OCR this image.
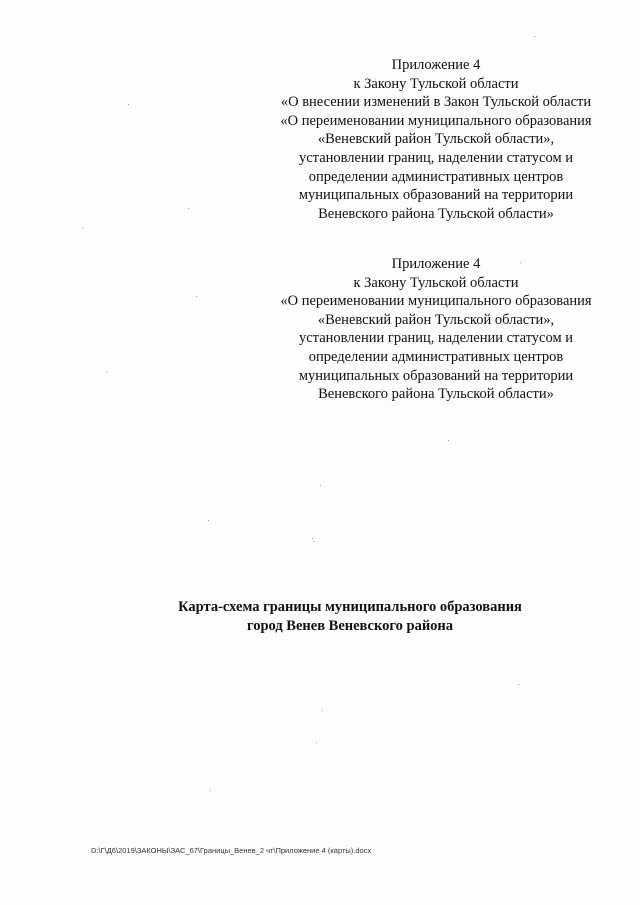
Приложение 4
к Закону Тульской области
«О внесении изменений в Закон Тульской области
«О переименовании муниципального образования
«Веневский район Тульской области»,
установлении границ, наделении статусом и
определении административных центров
муниципальных образований на территории
Веневского района Тульской области»
Приложение 4
к Закону Тульской области
«О переименовании муниципального образования
«Веневский район Тульской области»,
установлении границ, наделении статусом и
определении административных центров
муниципальных образований на территории
Веневского района Тульской области»
Карта-схема границы муниципального образования
город Венев Веневского района
D:\Г\Д6\2019\ЗАКОНЫ\ЗАС_67\Границы_Венев_2 чт\Приложение 4 (карты).docx
